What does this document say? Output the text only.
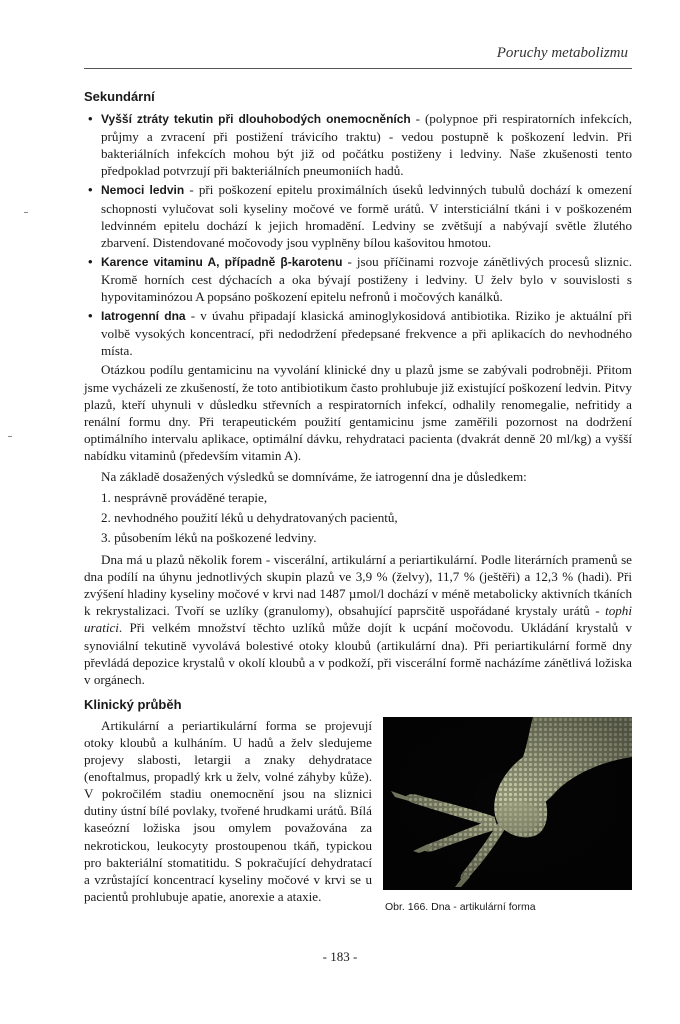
Poruchy metabolizmu
Sekundární
• Vyšší ztráty tekutin při dlouhobodých onemocněních - (polypnoe při respiratorních infekcích, průjmy a zvracení při postižení trávicího traktu) - vedou postupně k poškození ledvin. Při bakteriálních infekcích mohou být již od počátku postiženy i ledviny. Naše zkušenosti tento předpoklad potvrzují při bakteriálních pneumoniích hadů.
• Nemoci ledvin - při poškození epitelu proximálních úseků ledvinných tubulů dochází k omezení schopnosti vylučovat soli kyseliny močové ve formě urátů. V intersticiální tkáni i v poškozeném ledvinném epitelu dochází k jejich hromadění. Ledviny se zvětšují a nabývají světle žlutého zbarvení. Distendované močovody jsou vyplněny bílou kašovitou hmotou.
• Karence vitaminu A, případně β-karotenu - jsou příčinami rozvoje zánětlivých procesů sliznic. Kromě horních cest dýchacích a oka bývají postiženy i ledviny. U želv bylo v souvislosti s hypovitaminózou A popsáno poškození epitelu nefronů i močových kanálků.
• Iatrogenní dna - v úvahu připadají klasická aminoglykosidová antibiotika. Riziko je aktuální při volbě vysokých koncentrací, při nedodržení předepsané frekvence a při aplikacích do nevhodného místa.

Otázkou podílu gentamicinu na vyvolání klinické dny u plazů jsme se zabývali podrobněji. Přitom jsme vycházeli ze zkušeností, že toto antibiotikum často prohlubuje již existující poškození ledvin. Pitvy plazů, kteří uhynuli v důsledku střevních a respiratorních infekcí, odhalily renomegalie, nefritidy a renální formu dny. Při terapeutickém použití gentamicinu jsme zaměřili pozornost na dodržení optimálního intervalu aplikace, optimální dávku, rehydrataci pacienta (dvakrát denně 20 ml/kg) a vyšší nabídku vitaminů (především vitamin A).

Na základě dosažených výsledků se domníváme, že iatrogenní dna je důsledkem:

1. nesprávně prováděné terapie,
2. nevhodného použití léků u dehydratovaných pacientů,
3. působením léků na poškozené ledviny.

Dna má u plazů několik forem - viscerální, artikulární a periartikulární. Podle literárních pramenů se dna podílí na úhynu jednotlivých skupin plazů ve 3,9 % (želvy), 11,7 % (ještěři) a 12,3 % (hadi). Při zvýšení hladiny kyseliny močové v krvi nad 1487 µmol/l dochází v méně metabolicky aktivních tkáních k rekrystalizaci. Tvoří se uzlíky (granulomy), obsahující paprsčitě uspořádané krystaly urátů - tophi uratici. Při velkém množství těchto uzlíků může dojít k ucpání močovodu. Ukládání krystalů v synoviální tekutině vyvolává bolestivé otoky kloubů (artikulární dna). Při periartikulární formě dny převládá depozice krystalů v okolí kloubů a v podkoží, při viscerální formě nacházíme zánětlivá ložiska v orgánech.

Klinický průběh

Artikulární a periartikulární forma se projevují otoky kloubů a kulháním. U hadů a želv sledujeme projevy slabosti, letargii a znaky dehydratace (enoftalmus, propadlý krk u želv, volné záhyby kůže). V pokročilém stadiu onemocnění jsou na sliznici dutiny ústní bílé povlaky, tvořené hrudkami urátů. Bílá kaseózní ložiska jsou omylem považována za nekrotickou, leukocyty prostoupenou tkáň, typickou pro bakteriální stomatitidu. S pokračující dehydratací a vzrůstající koncentrací kyseliny močové v krvi se u pacientů prohlubuje apatie, anorexie a ataxie.

Obr. 166. Dna - artikulární forma
- 183 -
